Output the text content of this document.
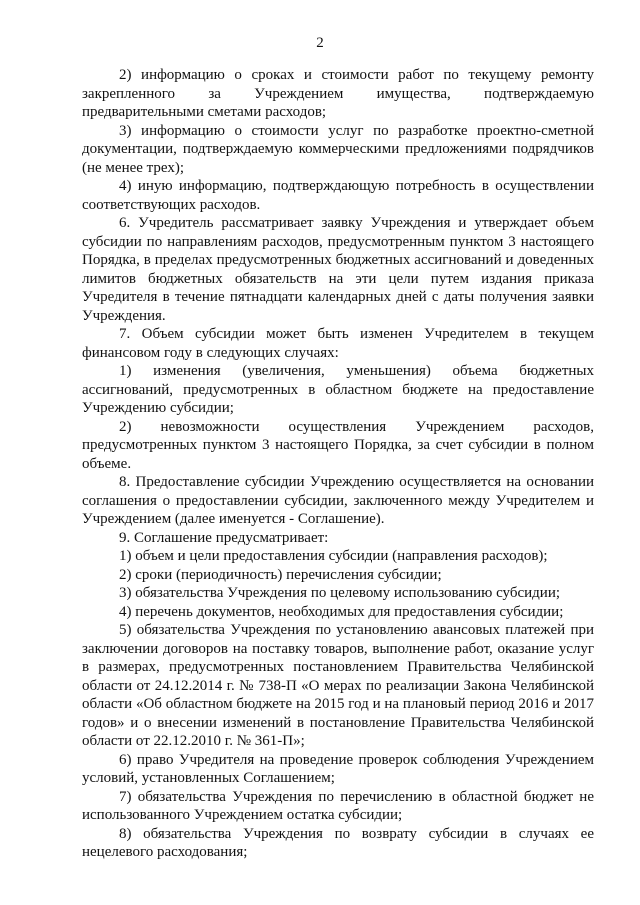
2

2) информацию о сроках и стоимости работ по текущему ремонту закрепленного за Учреждением имущества, подтверждаемую предварительными сметами расходов;

3) информацию о стоимости услуг по разработке проектно-сметной документации, подтверждаемую коммерческими предложениями подрядчиков (не менее трех);

4) иную информацию, подтверждающую потребность в осуществлении соответствующих расходов.

6. Учредитель рассматривает заявку Учреждения и утверждает объем субсидии по направлениям расходов, предусмотренным пунктом 3 настоящего Порядка, в пределах предусмотренных бюджетных ассигнований и доведенных лимитов бюджетных обязательств на эти цели путем издания приказа Учредителя в течение пятнадцати календарных дней с даты получения заявки Учреждения.

7. Объем субсидии может быть изменен Учредителем в текущем финансовом году в следующих случаях:

1) изменения (увеличения, уменьшения) объема бюджетных ассигнований, предусмотренных в областном бюджете на предоставление Учреждению субсидии;

2) невозможности осуществления Учреждением расходов, предусмотренных пунктом 3 настоящего Порядка, за счет субсидии в полном объеме.

8. Предоставление субсидии Учреждению осуществляется на основании соглашения о предоставлении субсидии, заключенного между Учредителем и Учреждением (далее именуется - Соглашение).

9. Соглашение предусматривает:

1) объем и цели предоставления субсидии (направления расходов);

2) сроки (периодичность) перечисления субсидии;

3) обязательства Учреждения по целевому использованию субсидии;

4) перечень документов, необходимых для предоставления субсидии;

5) обязательства Учреждения по установлению авансовых платежей при заключении договоров на поставку товаров, выполнение работ, оказание услуг в размерах, предусмотренных постановлением Правительства Челябинской области от 24.12.2014 г. № 738-П «О мерах по реализации Закона Челябинской области «Об областном бюджете на 2015 год и на плановый период 2016 и 2017 годов» и о внесении изменений в постановление Правительства Челябинской области от 22.12.2010 г. № 361-П»;

6) право Учредителя на проведение проверок соблюдения Учреждением условий, установленных Соглашением;

7) обязательства Учреждения по перечислению в областной бюджет не использованного Учреждением остатка субсидии;

8) обязательства Учреждения по возврату субсидии в случаях ее нецелевого расходования;
